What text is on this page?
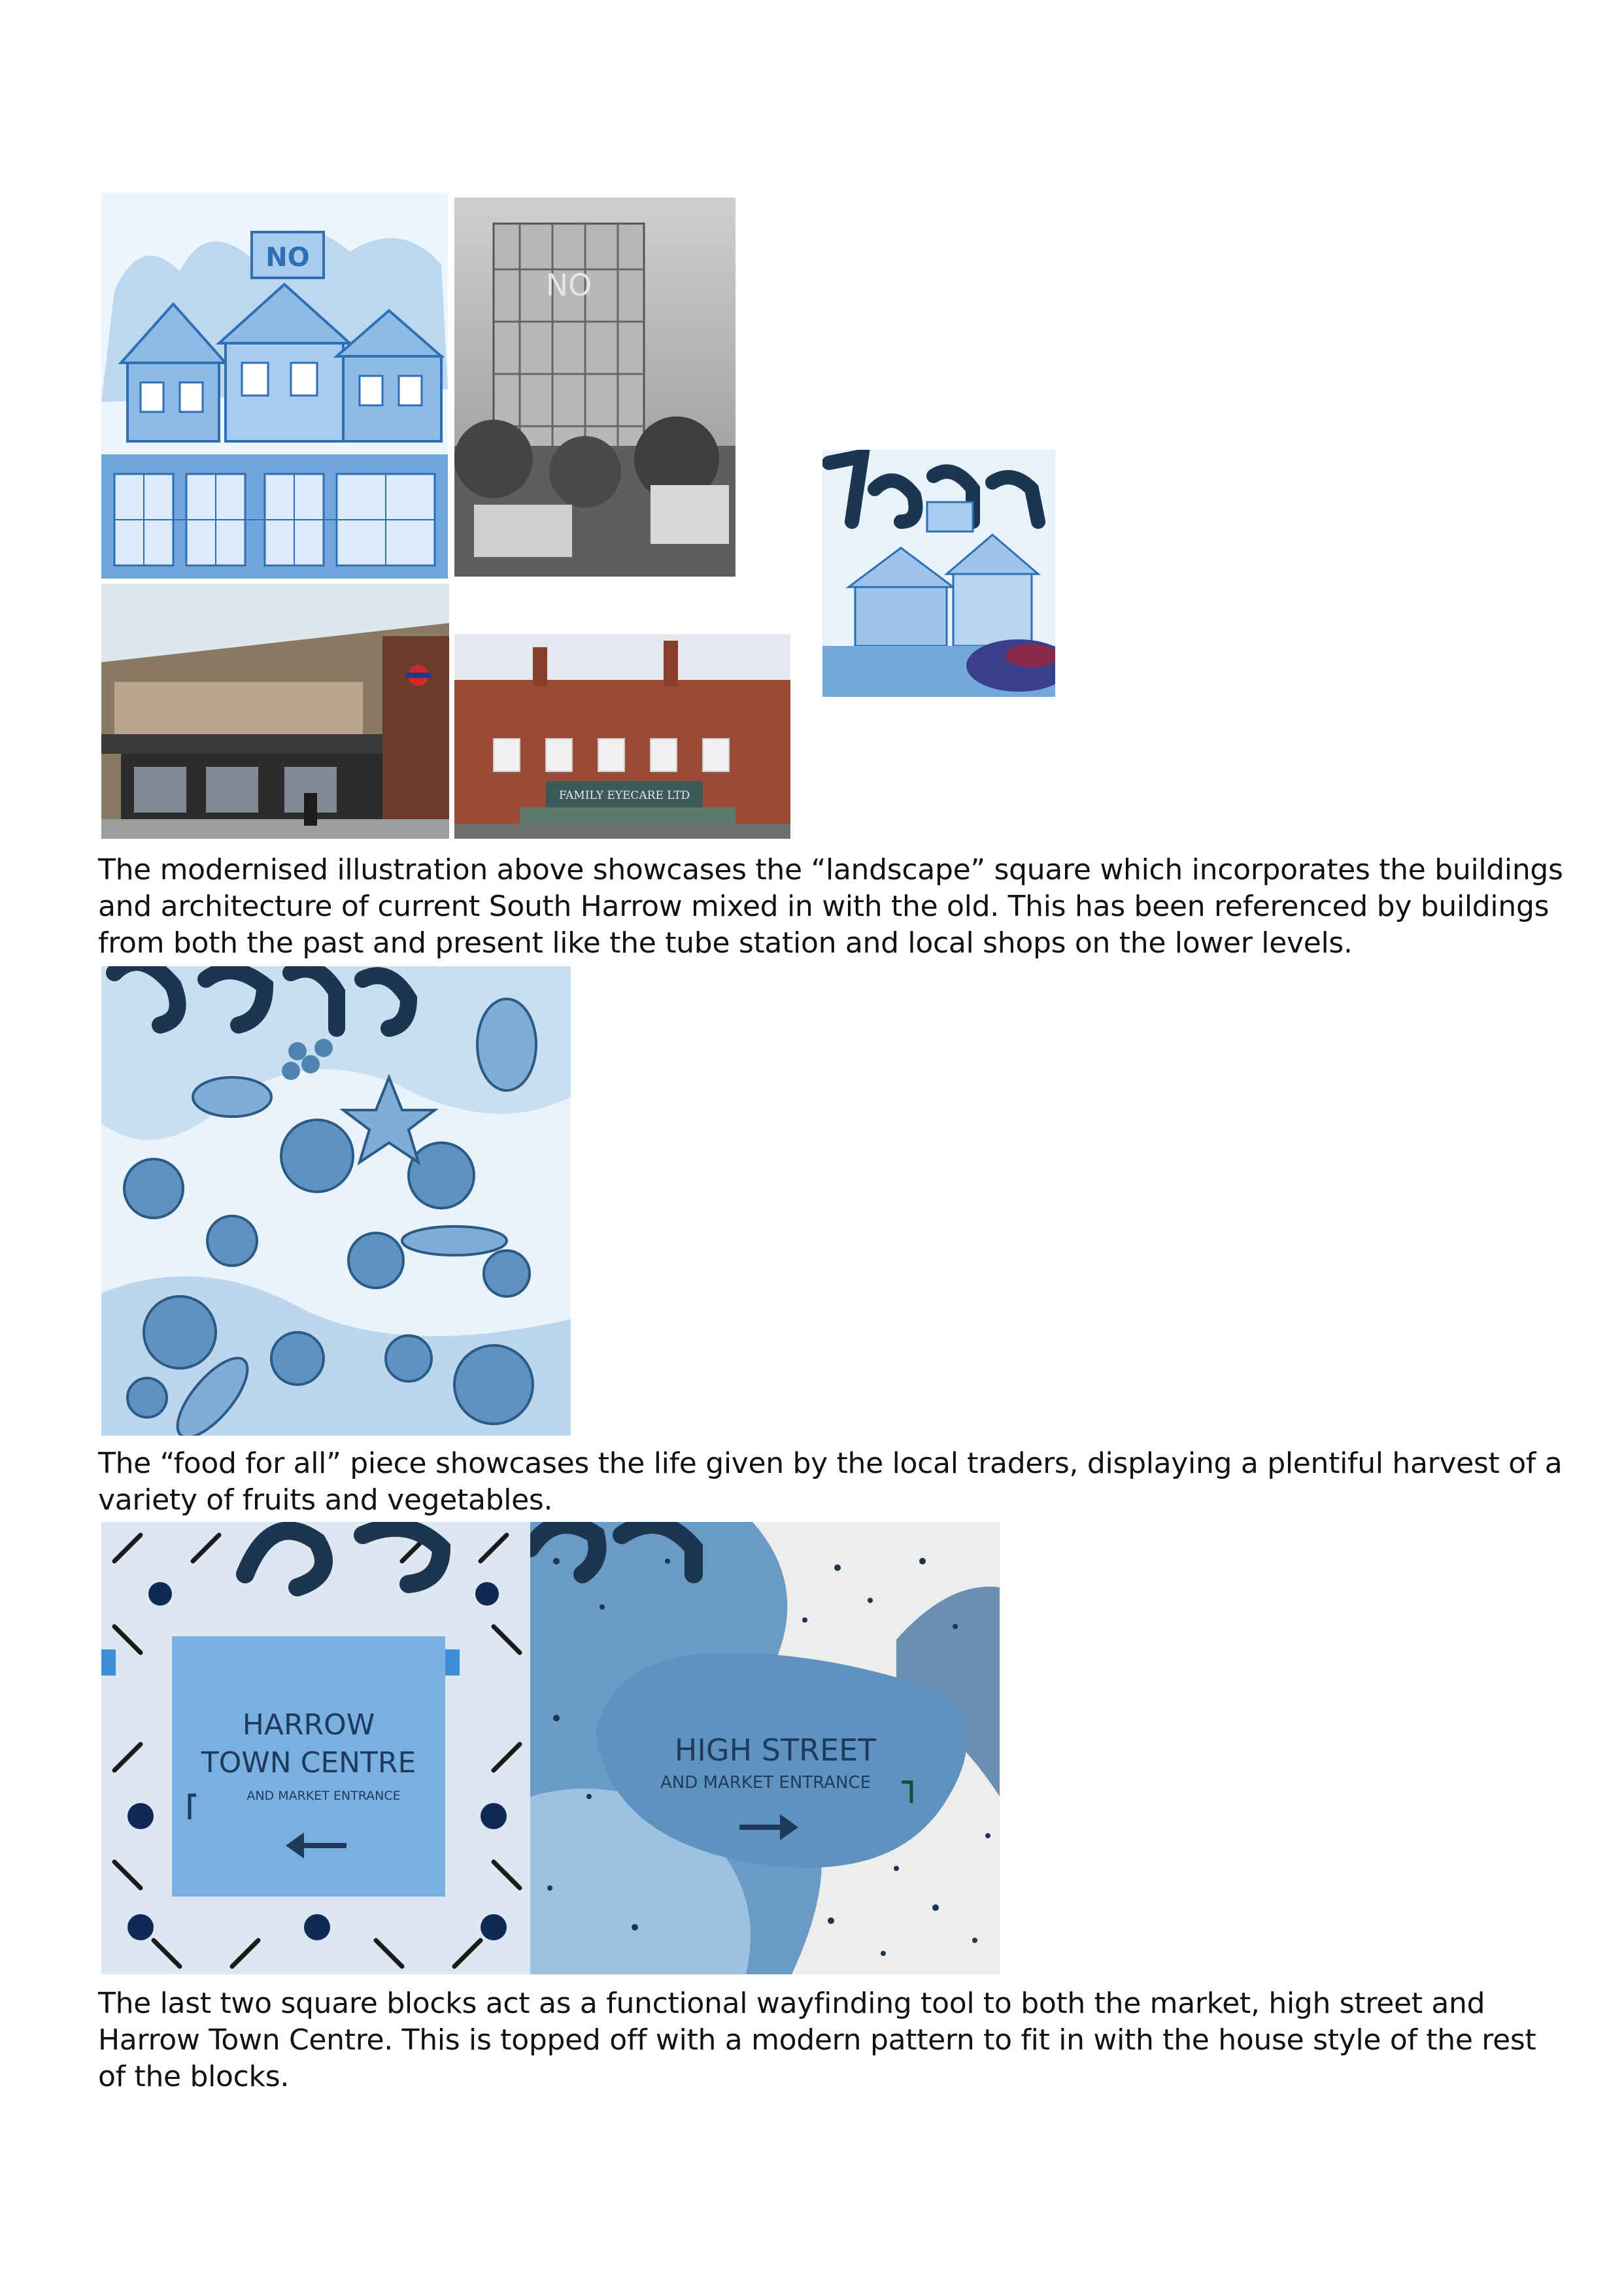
NO
NO
FAMILY EYECARE LTD

The modernised illustration above showcases the “landscape” square which incorporates the buildings and architecture of current South Harrow mixed in with the old. This has been referenced by buildings from both the past and present like the tube station and local shops on the lower levels.

The “food for all” piece showcases the life given by the local traders, displaying a plentiful harvest of a variety of fruits and vegetables.

HARROW
TOWN CENTRE
AND MARKET ENTRANCE
HIGH STREET
AND MARKET ENTRANCE

The last two square blocks act as a functional wayfinding tool to both the market, high street and Harrow Town Centre. This is topped off with a modern pattern to fit in with the house style of the rest of the blocks.
